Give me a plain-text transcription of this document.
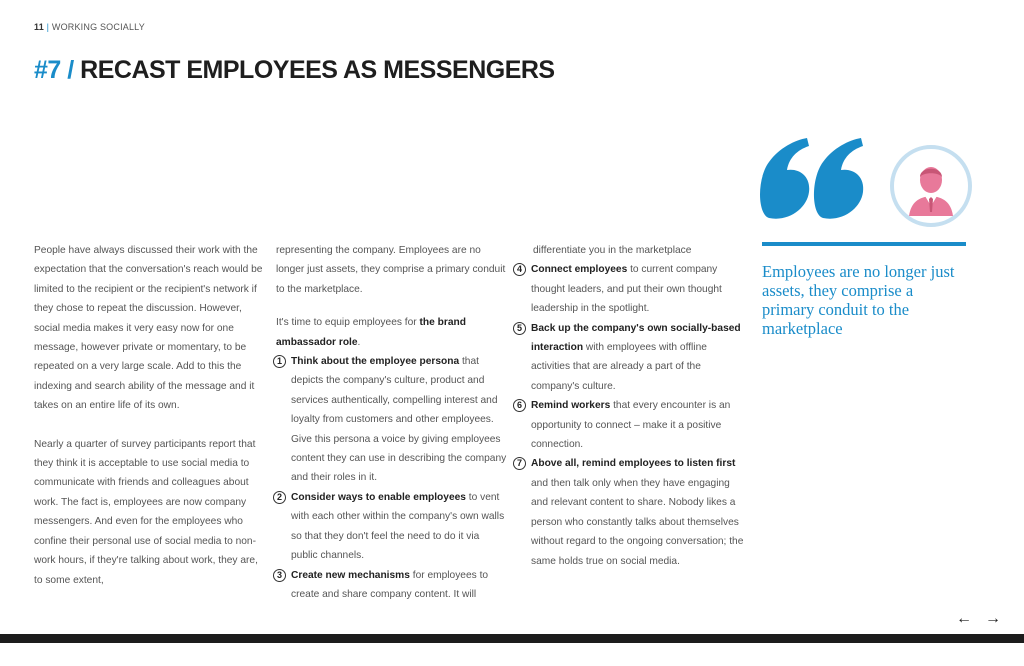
11 | WORKING SOCIALLY
#7 / RECAST EMPLOYEES AS MESSENGERS

People have always discussed their work with the expectation that the conversation's reach would be limited to the recipient or the recipient's network if they chose to repeat the discussion. However, social media makes it very easy now for one message, however private or momentary, to be repeated on a very large scale. Add to this the indexing and search ability of the message and it takes on an entire life of its own.

Nearly a quarter of survey participants report that they think it is acceptable to use social media to communicate with friends and colleagues about work. The fact is, employees are now company messengers. And even for the employees who confine their personal use of social media to non-work hours, if they're talking about work, they are, to some extent,

representing the company. Employees are no longer just assets, they comprise a primary conduit to the marketplace.

It's time to equip employees for the brand ambassador role.

1 Think about the employee persona that depicts the company's culture, product and services authentically, compelling interest and loyalty from customers and other employees. Give this persona a voice by giving employees content they can use in describing the company and their roles in it.
2 Consider ways to enable employees to vent with each other within the company's own walls so that they don't feel the need to do it via public channels.
3 Create new mechanisms for employees to create and share company content. It will

differentiate you in the marketplace

4 Connect employees to current company thought leaders, and put their own thought leadership in the spotlight.
5 Back up the company's own socially-based interaction with employees with offline activities that are already a part of the company's culture.
6 Remind workers that every encounter is an opportunity to connect – make it a positive connection.
7 Above all, remind employees to listen first and then talk only when they have engaging and relevant content to share. Nobody likes a person who constantly talks about themselves without regard to the ongoing conversation; the same holds true on social media.
Employees are no longer just assets, they comprise a primary conduit to the marketplace
← →
